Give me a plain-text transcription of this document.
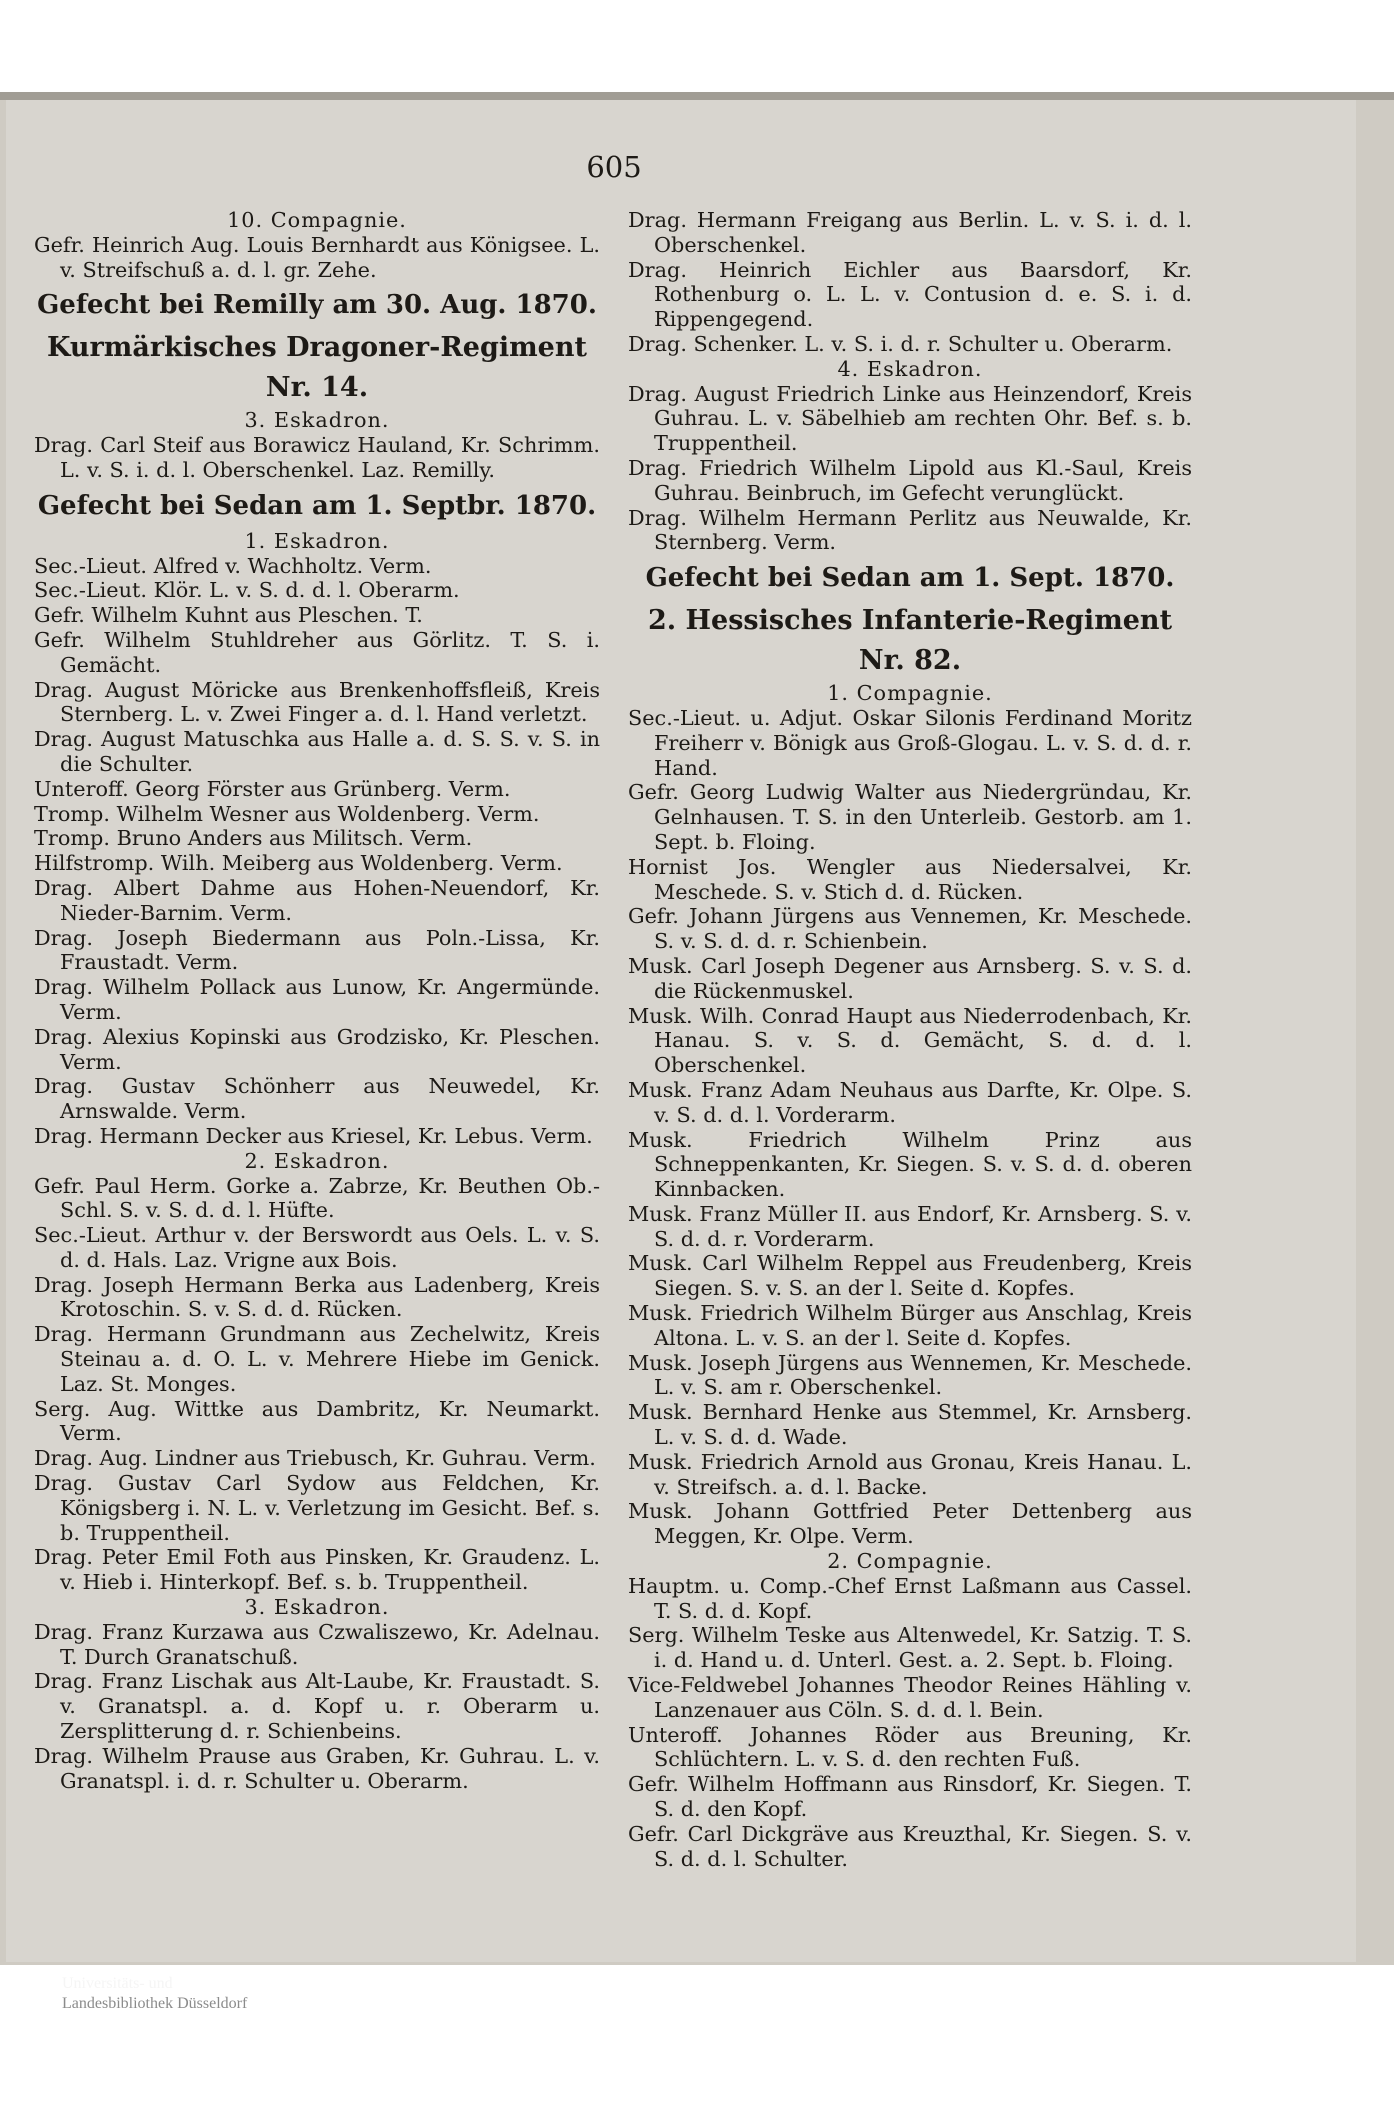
605
10. Compagnie.
Gefr. Heinrich Aug. Louis Bernhardt aus Königsee. L. v. Streifschuß a. d. l. gr. Zehe.
Gefecht bei Remilly am 30. Aug. 1870.
Kurmärkisches Dragoner-Regiment Nr. 14.
3. Eskadron.
Drag. Carl Steif aus Borawicz Hauland, Kr. Schrimm. L. v. S. i. d. l. Oberschenkel. Laz. Remilly.
Gefecht bei Sedan am 1. Septbr. 1870.
1. Eskadron.
Sec.-Lieut. Alfred v. Wachholtz. Verm.
Sec.-Lieut. Klör. L. v. S. d. d. l. Oberarm.
Gefr. Wilhelm Kuhnt aus Pleschen. T.
Gefr. Wilhelm Stuhldreher aus Görlitz. T. S. i. Gemächt.
Drag. August Möricke aus Brenkenhoffsfleiß, Kreis Sternberg. L. v. Zwei Finger a. d. l. Hand verletzt.
Drag. August Matuschka aus Halle a. d. S. S. v. S. in die Schulter.
Unteroff. Georg Förster aus Grünberg. Verm.
Tromp. Wilhelm Wesner aus Woldenberg. Verm.
Tromp. Bruno Anders aus Militsch. Verm.
Hilfstromp. Wilh. Meiberg aus Woldenberg. Verm.
Drag. Albert Dahme aus Hohen-Neuendorf, Kr. Nieder-Barnim. Verm.
Drag. Joseph Biedermann aus Poln.-Lissa, Kr. Fraustadt. Verm.
Drag. Wilhelm Pollack aus Lunow, Kr. Angermünde. Verm.
Drag. Alexius Kopinski aus Grodzisko, Kr. Pleschen. Verm.
Drag. Gustav Schönherr aus Neuwedel, Kr. Arnswalde. Verm.
Drag. Hermann Decker aus Kriesel, Kr. Lebus. Verm.
2. Eskadron.
Gefr. Paul Herm. Gorke a. Zabrze, Kr. Beuthen Ob.-Schl. S. v. S. d. d. l. Hüfte.
Sec.-Lieut. Arthur v. der Berswordt aus Oels. L. v. S. d. d. Hals. Laz. Vrigne aux Bois.
Drag. Joseph Hermann Berka aus Ladenberg, Kreis Krotoschin. S. v. S. d. d. Rücken.
Drag. Hermann Grundmann aus Zechelwitz, Kreis Steinau a. d. O. L. v. Mehrere Hiebe im Genick. Laz. St. Monges.
Serg. Aug. Wittke aus Dambritz, Kr. Neumarkt. Verm.
Drag. Aug. Lindner aus Triebusch, Kr. Guhrau. Verm.
Drag. Gustav Carl Sydow aus Feldchen, Kr. Königsberg i. N. L. v. Verletzung im Gesicht. Bef. s. b. Truppentheil.
Drag. Peter Emil Foth aus Pinsken, Kr. Graudenz. L. v. Hieb i. Hinterkopf. Bef. s. b. Truppentheil.
3. Eskadron.
Drag. Franz Kurzawa aus Czwaliszewo, Kr. Adelnau. T. Durch Granatschuß.
Drag. Franz Lischak aus Alt-Laube, Kr. Fraustadt. S. v. Granatspl. a. d. Kopf u. r. Oberarm u. Zersplitterung d. r. Schienbeins.
Drag. Wilhelm Prause aus Graben, Kr. Guhrau. L. v. Granatspl. i. d. r. Schulter u. Oberarm.
Drag. Hermann Freigang aus Berlin. L. v. S. i. d. l. Oberschenkel.
Drag. Heinrich Eichler aus Baarsdorf, Kr. Rothenburg o. L. L. v. Contusion d. e. S. i. d. Rippengegend.
Drag. Schenker. L. v. S. i. d. r. Schulter u. Oberarm.
4. Eskadron.
Drag. August Friedrich Linke aus Heinzendorf, Kreis Guhrau. L. v. Säbelhieb am rechten Ohr. Bef. s. b. Truppentheil.
Drag. Friedrich Wilhelm Lipold aus Kl.-Saul, Kreis Guhrau. Beinbruch, im Gefecht verunglückt.
Drag. Wilhelm Hermann Perlitz aus Neuwalde, Kr. Sternberg. Verm.
Gefecht bei Sedan am 1. Sept. 1870.
2. Hessisches Infanterie-Regiment Nr. 82.
1. Compagnie.
Sec.-Lieut. u. Adjut. Oskar Silonis Ferdinand Moritz Freiherr v. Bönigk aus Groß-Glogau. L. v. S. d. d. r. Hand.
Gefr. Georg Ludwig Walter aus Niedergründau, Kr. Gelnhausen. T. S. in den Unterleib. Gestorb. am 1. Sept. b. Floing.
Hornist Jos. Wengler aus Niedersalvei, Kr. Meschede. S. v. Stich d. d. Rücken.
Gefr. Johann Jürgens aus Vennemen, Kr. Meschede. S. v. S. d. d. r. Schienbein.
Musk. Carl Joseph Degener aus Arnsberg. S. v. S. d. die Rückenmuskel.
Musk. Wilh. Conrad Haupt aus Niederrodenbach, Kr. Hanau. S. v. S. d. Gemächt, S. d. d. l. Oberschenkel.
Musk. Franz Adam Neuhaus aus Darfte, Kr. Olpe. S. v. S. d. d. l. Vorderarm.
Musk. Friedrich Wilhelm Prinz aus Schneppenkanten, Kr. Siegen. S. v. S. d. d. oberen Kinnbacken.
Musk. Franz Müller II. aus Endorf, Kr. Arnsberg. S. v. S. d. d. r. Vorderarm.
Musk. Carl Wilhelm Reppel aus Freudenberg, Kreis Siegen. S. v. S. an der l. Seite d. Kopfes.
Musk. Friedrich Wilhelm Bürger aus Anschlag, Kreis Altona. L. v. S. an der l. Seite d. Kopfes.
Musk. Joseph Jürgens aus Wennemen, Kr. Meschede. L. v. S. am r. Oberschenkel.
Musk. Bernhard Henke aus Stemmel, Kr. Arnsberg. L. v. S. d. d. Wade.
Musk. Friedrich Arnold aus Gronau, Kreis Hanau. L. v. Streifsch. a. d. l. Backe.
Musk. Johann Gottfried Peter Dettenberg aus Meggen, Kr. Olpe. Verm.
2. Compagnie.
Hauptm. u. Comp.-Chef Ernst Laßmann aus Cassel. T. S. d. d. Kopf.
Serg. Wilhelm Teske aus Altenwedel, Kr. Satzig. T. S. i. d. Hand u. d. Unterl. Gest. a. 2. Sept. b. Floing.
Vice-Feldwebel Johannes Theodor Reines Hähling v. Lanzenauer aus Cöln. S. d. d. l. Bein.
Unteroff. Johannes Röder aus Breuning, Kr. Schlüchtern. L. v. S. d. den rechten Fuß.
Gefr. Wilhelm Hoffmann aus Rinsdorf, Kr. Siegen. T. S. d. den Kopf.
Gefr. Carl Dickgräve aus Kreuzthal, Kr. Siegen. S. v. S. d. d. l. Schulter.
Universitäts- und
Landesbibliothek Düsseldorf
